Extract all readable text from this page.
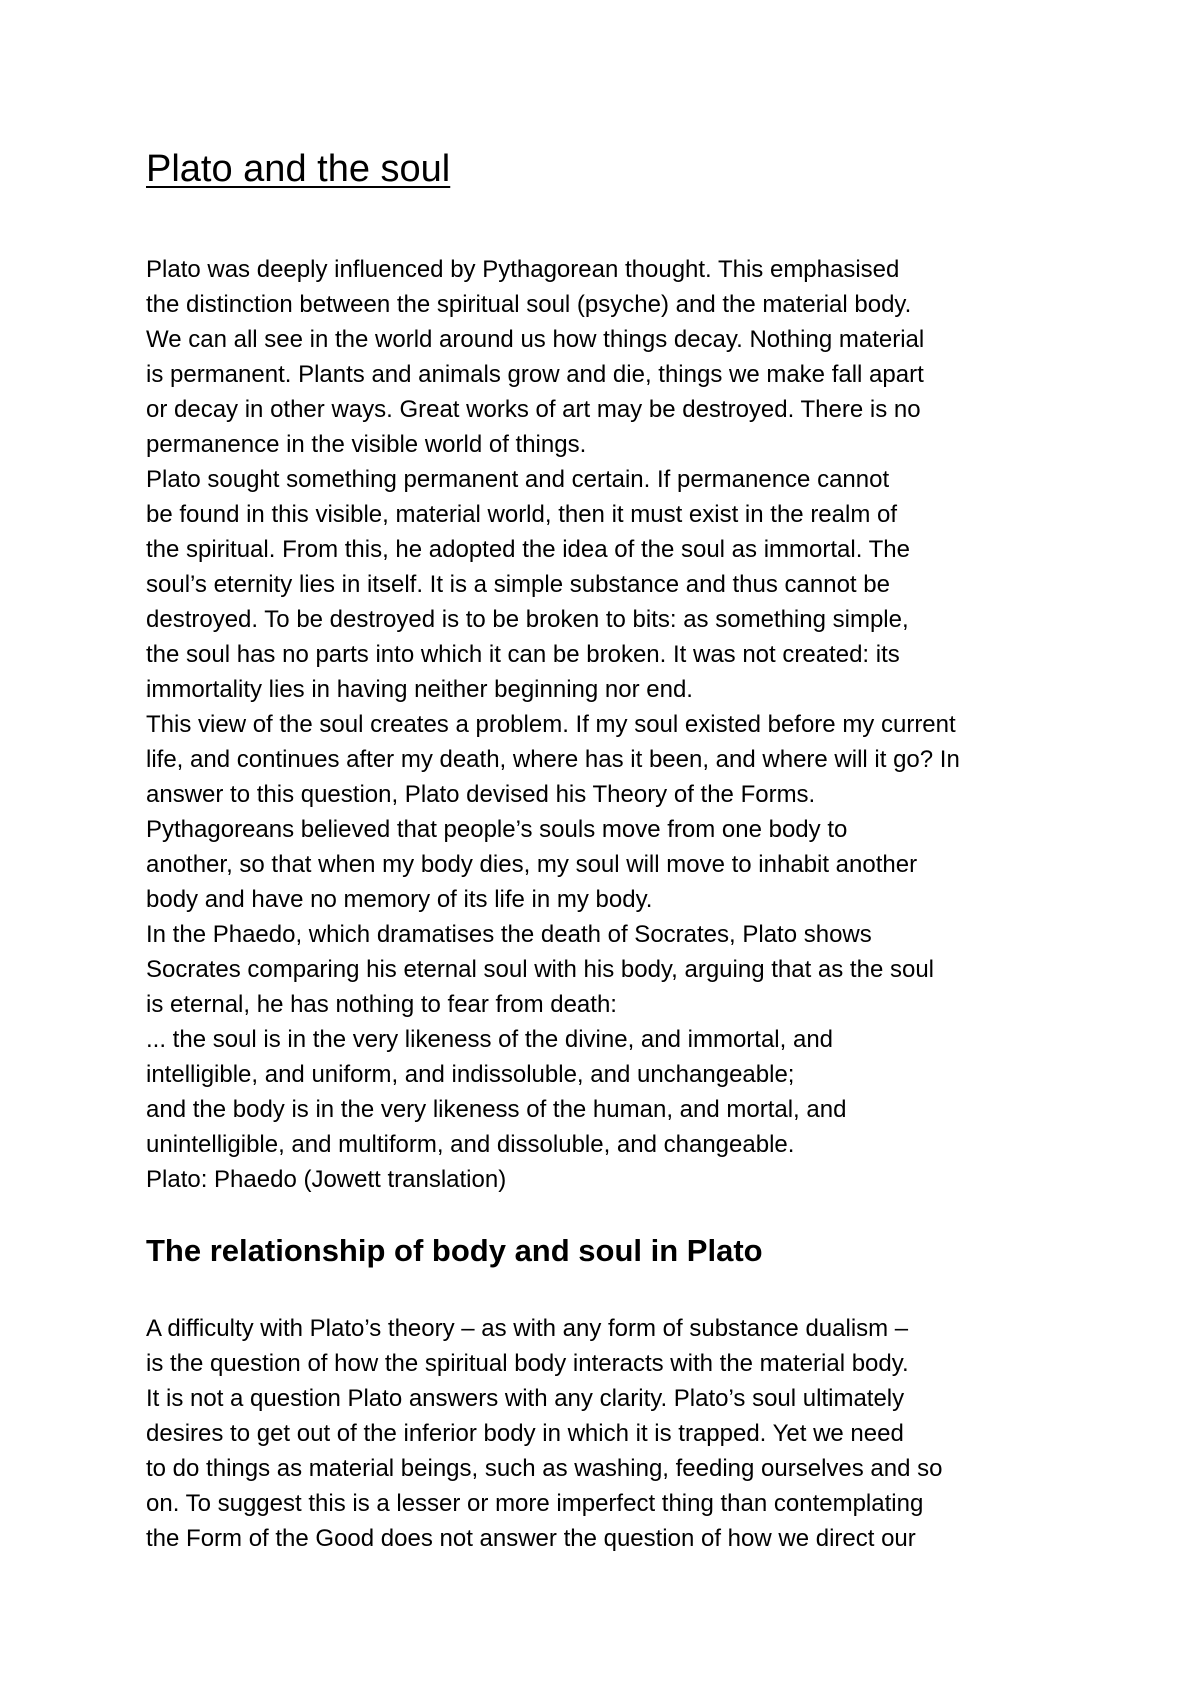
Plato and the soul
Plato was deeply influenced by Pythagorean thought. This emphasised
the distinction between the spiritual soul (psyche) and the material body.
We can all see in the world around us how things decay. Nothing material
is permanent. Plants and animals grow and die, things we make fall apart
or decay in other ways. Great works of art may be destroyed. There is no
permanence in the visible world of things.
Plato sought something permanent and certain. If permanence cannot
be found in this visible, material world, then it must exist in the realm of
the spiritual. From this, he adopted the idea of the soul as immortal. The
soul’s eternity lies in itself. It is a simple substance and thus cannot be
destroyed. To be destroyed is to be broken to bits: as something simple,
the soul has no parts into which it can be broken. It was not created: its
immortality lies in having neither beginning nor end.
This view of the soul creates a problem. If my soul existed before my current
life, and continues after my death, where has it been, and where will it go? In
answer to this question, Plato devised his Theory of the Forms.
Pythagoreans believed that people’s souls move from one body to
another, so that when my body dies, my soul will move to inhabit another
body and have no memory of its life in my body.
In the Phaedo, which dramatises the death of Socrates, Plato shows
Socrates comparing his eternal soul with his body, arguing that as the soul
is eternal, he has nothing to fear from death:
... the soul is in the very likeness of the divine, and immortal, and
intelligible, and uniform, and indissoluble, and unchangeable;
and the body is in the very likeness of the human, and mortal, and
unintelligible, and multiform, and dissoluble, and changeable.
Plato: Phaedo (Jowett translation)
The relationship of body and soul in Plato
A difficulty with Plato’s theory – as with any form of substance dualism –
is the question of how the spiritual body interacts with the material body.
It is not a question Plato answers with any clarity. Plato’s soul ultimately
desires to get out of the inferior body in which it is trapped. Yet we need
to do things as material beings, such as washing, feeding ourselves and so
on. To suggest this is a lesser or more imperfect thing than contemplating
the Form of the Good does not answer the question of how we direct our
